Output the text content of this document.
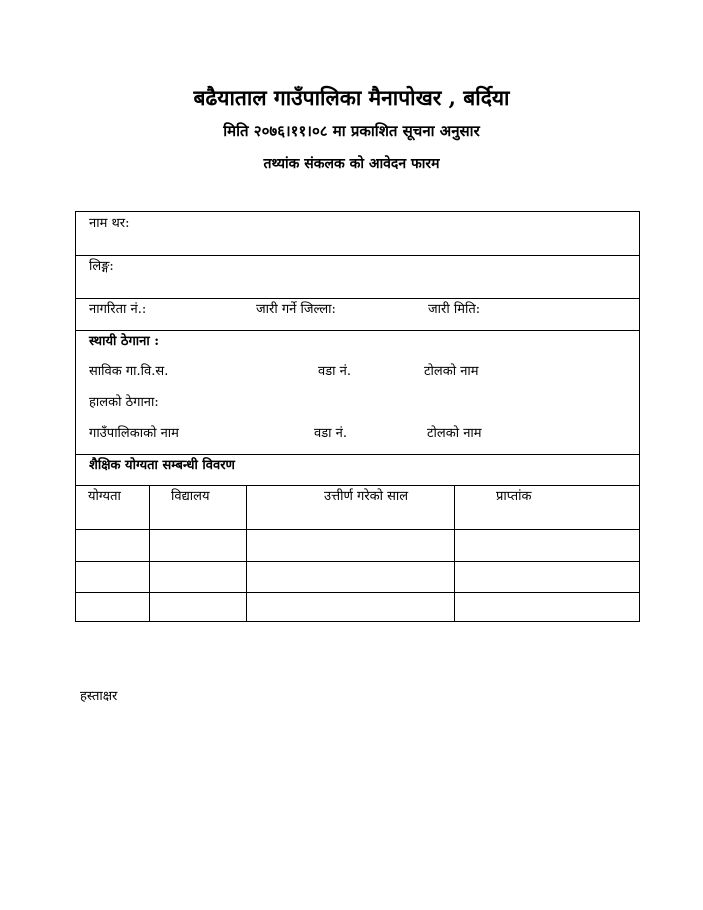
बढैयाताल गाउँपालिका मैनापोखर , बर्दिया
मिति २०७६।११।०८ मा प्रकाशित सूचना अनुसार
तथ्यांक संकलक को आवेदन फारम
नाम थर:
लिङ्ग:
नागरिता नं.:	जारी गर्ने जिल्ला:	जारी मिति:
स्थायी ठेगाना :
साविक गा.वि.स.	वडा नं.	टोलको नाम
हालको ठेगाना:
गाउँपालिकाको नाम	वडा नं.	टोलको नाम
शैक्षिक योग्यता सम्बन्धी विवरण
योग्यता	विद्यालय	उत्तीर्ण गरेको साल	प्राप्तांक
हस्ताक्षर
